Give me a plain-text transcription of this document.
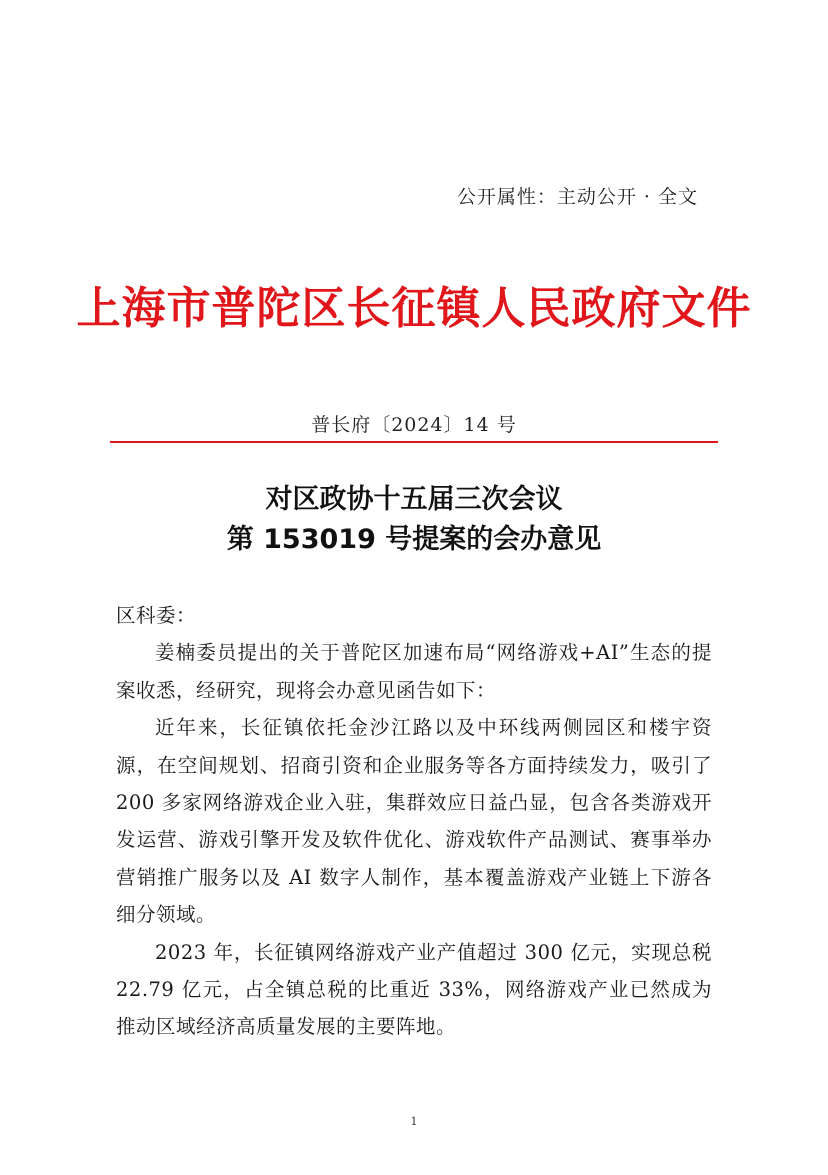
公开属性：主动公开 · 全文
上海市普陀区长征镇人民政府文件
普长府〔2024〕14 号
对区政协十五届三次会议
第 153019 号提案的会办意见

区科委：

姜楠委员提出的关于普陀区加速布局“网络游戏+AI”生态的提案收悉，经研究，现将会办意见函告如下：

近年来，长征镇依托金沙江路以及中环线两侧园区和楼宇资源，在空间规划、招商引资和企业服务等各方面持续发力，吸引了 200 多家网络游戏企业入驻，集群效应日益凸显，包含各类游戏开发运营、游戏引擎开发及软件优化、游戏软件产品测试、赛事举办营销推广服务以及 AI 数字人制作，基本覆盖游戏产业链上下游各细分领域。

2023 年，长征镇网络游戏产业产值超过 300 亿元，实现总税 22.79 亿元，占全镇总税的比重近 33%，网络游戏产业已然成为推动区域经济高质量发展的主要阵地。

1
